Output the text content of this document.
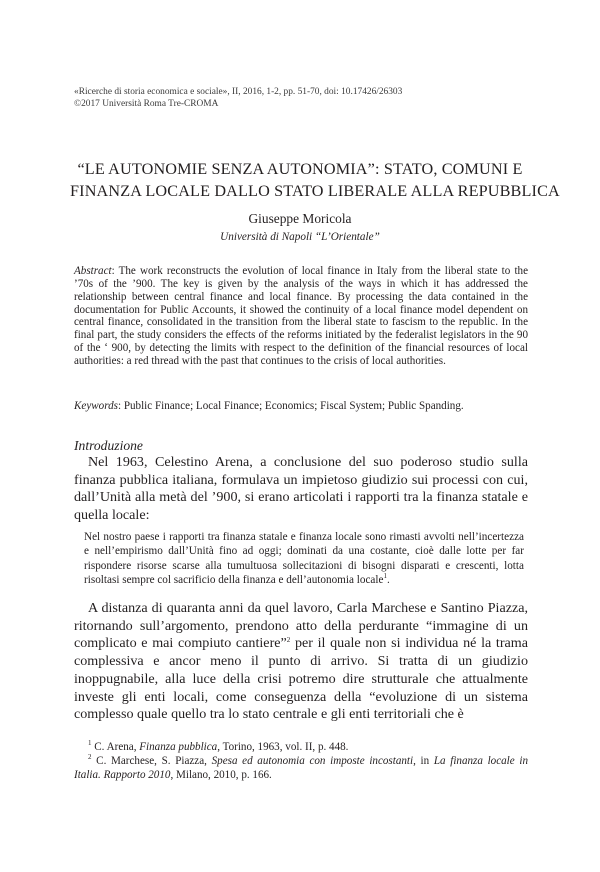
«Ricerche di storia economica e sociale», II, 2016, 1-2, pp. 51-70, doi: 10.17426/26303
©2017 Università Roma Tre-CROMA
“LE AUTONOMIE SENZA AUTONOMIA”: STATO, COMUNI E
FINANZA LOCALE DALLO STATO LIBERALE ALLA REPUBBLICA
Giuseppe Moricola
Università di Napoli “L’Orientale”
Abstract: The work reconstructs the evolution of local finance in Italy from the liberal state to the ’70s of the ’900. The key is given by the analysis of the ways in which it has addressed the relationship between central finance and local finance. By processing the data contained in the documentation for Public Accounts, it showed the continuity of a local finance model dependent on central finance, consolidated in the transition from the liberal state to fascism to the republic. In the final part, the study considers the effects of the reforms initiated by the federalist legislators in the 90 of the ‘ 900, by detecting the limits with respect to the definition of the financial resources of local authorities: a red thread with the past that continues to the crisis of local authorities.
Keywords: Public Finance; Local Finance; Economics; Fiscal System; Public Spanding.
Introduzione
Nel 1963, Celestino Arena, a conclusione del suo poderoso studio sulla finanza pubblica italiana, formulava un impietoso giudizio sui processi con cui, dall’Unità alla metà del ’900, si erano articolati i rapporti tra la finanza statale e quella locale:

Nel nostro paese i rapporti tra finanza statale e finanza locale sono rimasti avvolti nell’incertezza e nell’empirismo dall’Unità fino ad oggi; dominati da una costante, cioè dalle lotte per far rispondere risorse scarse alla tumultuosa sollecitazioni di bisogni disparati e crescenti, lotta risoltasi sempre col sacrificio della finanza e dell’autonomia locale$^1$.

A distanza di quaranta anni da quel lavoro, Carla Marchese e Santino Piazza, ritornando sull’argomento, prendono atto della perdurante “immagine di un complicato e mai compiuto cantiere”$^2$ per il quale non si individua né la trama complessiva e ancor meno il punto di arrivo. Si tratta di un giudizio inoppugnabile, alla luce della crisi potremo dire strutturale che attualmente investe gli enti locali, come conseguenza della “evoluzione di un sistema complesso quale quello tra lo stato centrale e gli enti territoriali che è

$^1$ C. Arena, Finanza pubblica, Torino, 1963, vol. II, p. 448.

$^2$ C. Marchese, S. Piazza, Spesa ed autonomia con imposte incostanti, in La finanza locale in Italia. Rapporto 2010, Milano, 2010, p. 166.
